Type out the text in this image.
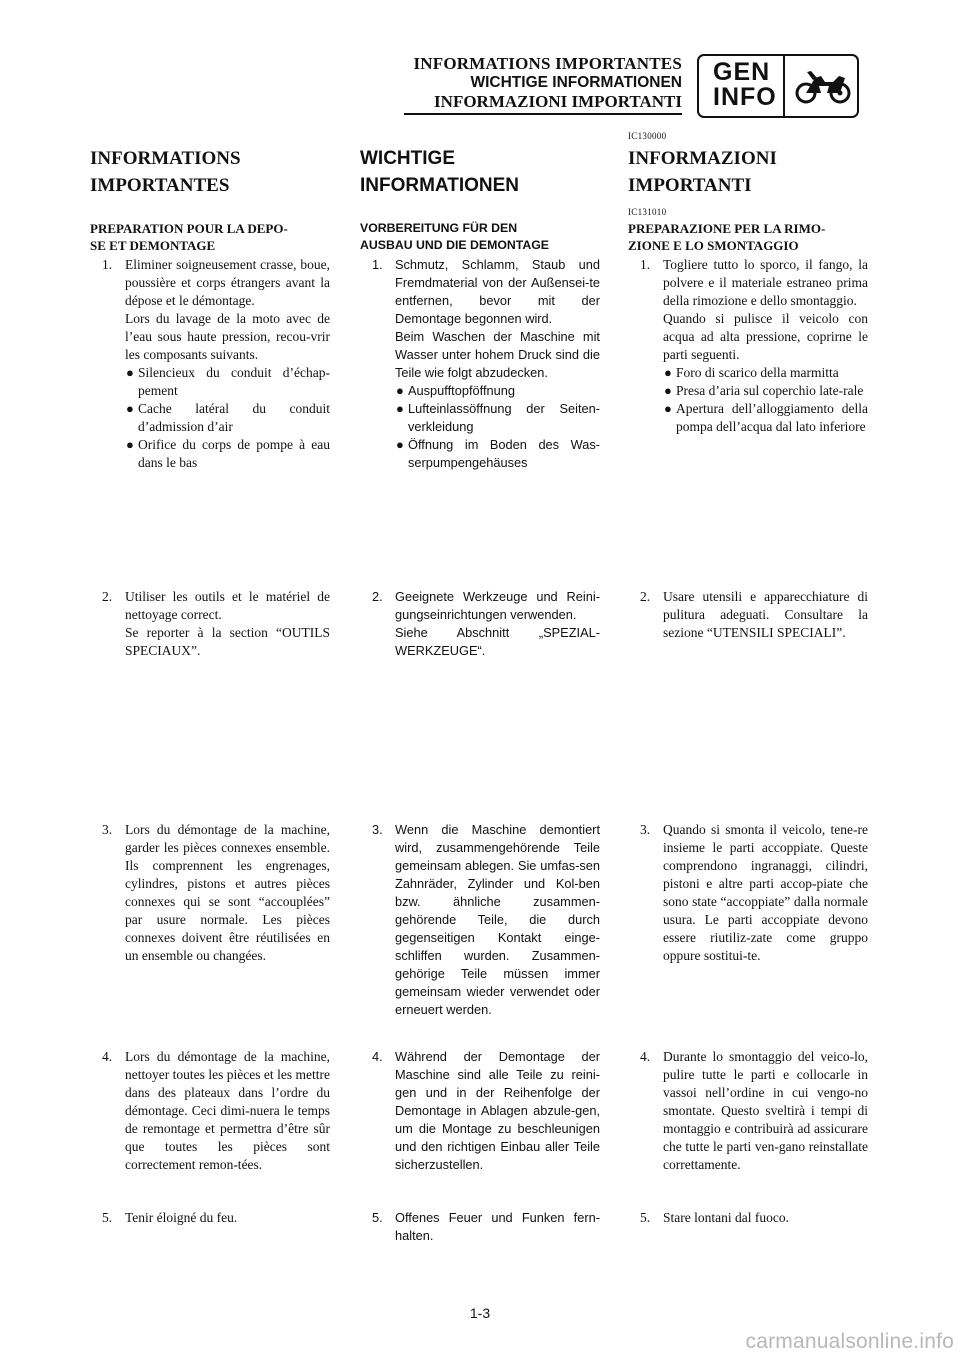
INFORMATIONS IMPORTANTES
WICHTIGE INFORMATIONEN
INFORMAZIONI IMPORTANTI
GEN
INFO
INFORMATIONS
IMPORTANTES
PREPARATION POUR LA DEPO-
SE ET DEMONTAGE
1. Eliminer soigneusement crasse, boue, poussière et corps étrangers avant la dépose et le démontage.

Lors du lavage de la moto avec de l’eau sous haute pression, recou-vrir les composants suivants.

● Silencieux du conduit d’échap-pement
● Cache latéral du conduit d’admission d’air
● Orifice du corps de pompe à eau dans le bas
2. Utiliser les outils et le matériel de nettoyage correct.

Se reporter à la section “OUTILS SPECIAUX”.

3. Lors du démontage de la machine, garder les pièces connexes ensemble. Ils comprennent les engrenages, cylindres, pistons et autres pièces connexes qui se sont “accouplées” par usure normale. Les pièces connexes doivent être réutilisées en un ensemble ou changées.

4. Lors du démontage de la machine, nettoyer toutes les pièces et les mettre dans des plateaux dans l’ordre du démontage. Ceci dimi-nuera le temps de remontage et permettra d’être sûr que toutes les pièces sont correctement remon-tées.

5. Tenir éloigné du feu.

WICHTIGE
INFORMATIONEN
VORBEREITUNG FÜR DEN
AUSBAU UND DIE DEMONTAGE
1. Schmutz, Schlamm, Staub und Fremdmaterial von der Außensei-te entfernen, bevor mit der Demontage begonnen wird.

Beim Waschen der Maschine mit Wasser unter hohem Druck sind die Teile wie folgt abzudecken.

● Auspufftopföffnung
● Lufteinlassöffnung der Seiten-verkleidung
● Öffnung im Boden des Was-serpumpengehäuses
2. Geeignete Werkzeuge und Reini-gungseinrichtungen verwenden.

Siehe Abschnitt „SPEZIAL-WERKZEUGE“.

3. Wenn die Maschine demontiert wird, zusammengehörende Teile gemeinsam ablegen. Sie umfas-sen Zahnräder, Zylinder und Kol-ben bzw. ähnliche zusammen-gehörende Teile, die durch gegenseitigen Kontakt einge-schliffen wurden. Zusammen-gehörige Teile müssen immer gemeinsam wieder verwendet oder erneuert werden.

4. Während der Demontage der Maschine sind alle Teile zu reini-gen und in der Reihenfolge der Demontage in Ablagen abzule-gen, um die Montage zu beschleunigen und den richtigen Einbau aller Teile sicherzustellen.

5. Offenes Feuer und Funken fern-halten.

IC130000
INFORMAZIONI
IMPORTANTI
IC131010
PREPARAZIONE PER LA RIMO-
ZIONE E LO SMONTAGGIO
1. Togliere tutto lo sporco, il fango, la polvere e il materiale estraneo prima della rimozione e dello smontaggio.

Quando si pulisce il veicolo con acqua ad alta pressione, coprirne le parti seguenti.

● Foro di scarico della marmitta
● Presa d’aria sul coperchio late-rale
● Apertura dell’alloggiamento della pompa dell’acqua dal lato inferiore
2. Usare utensili e apparecchiature di pulitura adeguati. Consultare la sezione “UTENSILI SPECIALI”.

3. Quando si smonta il veicolo, tene-re insieme le parti accoppiate. Queste comprendono ingranaggi, cilindri, pistoni e altre parti accop-piate che sono state “accoppiate” dalla normale usura. Le parti accoppiate devono essere riutiliz-zate come gruppo oppure sostitui-te.

4. Durante lo smontaggio del veico-lo, pulire tutte le parti e collocarle in vassoi nell’ordine in cui vengo-no smontate. Questo sveltirà i tempi di montaggio e contribuirà ad assicurare che tutte le parti ven-gano reinstallate correttamente.

5. Stare lontani dal fuoco.

1-3
carmanualsonline.info
